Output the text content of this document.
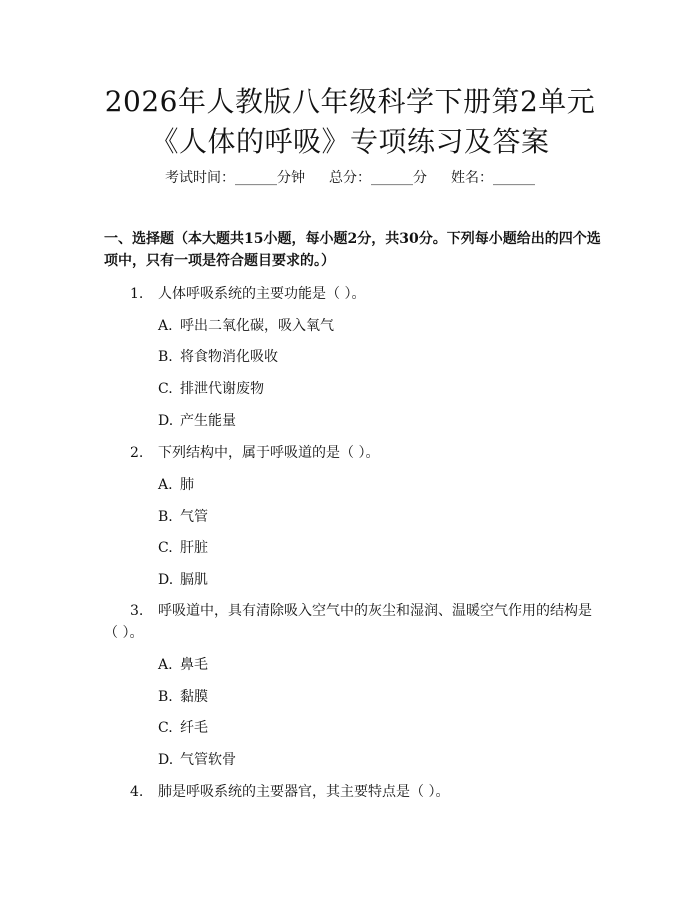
2026年人教版八年级科学下册第2单元《人体的呼吸》专项练习及答案
考试时间：______分钟 总分：______分 姓名：______
一、选择题（本大题共15小题，每小题2分，共30分。下列每小题给出的四个选项中，只有一项是符合题目要求的。）
1. 人体呼吸系统的主要功能是（ ）。
A. 呼出二氧化碳，吸入氧气
B. 将食物消化吸收
C. 排泄代谢废物
D. 产生能量
2. 下列结构中，属于呼吸道的是（ ）。
A. 肺
B. 气管
C. 肝脏
D. 膈肌
3. 呼吸道中，具有清除吸入空气中的灰尘和湿润、温暖空气作用的结构是（ ）。
A. 鼻毛
B. 黏膜
C. 纤毛
D. 气管软骨
4. 肺是呼吸系统的主要器官，其主要特点是（ ）。
